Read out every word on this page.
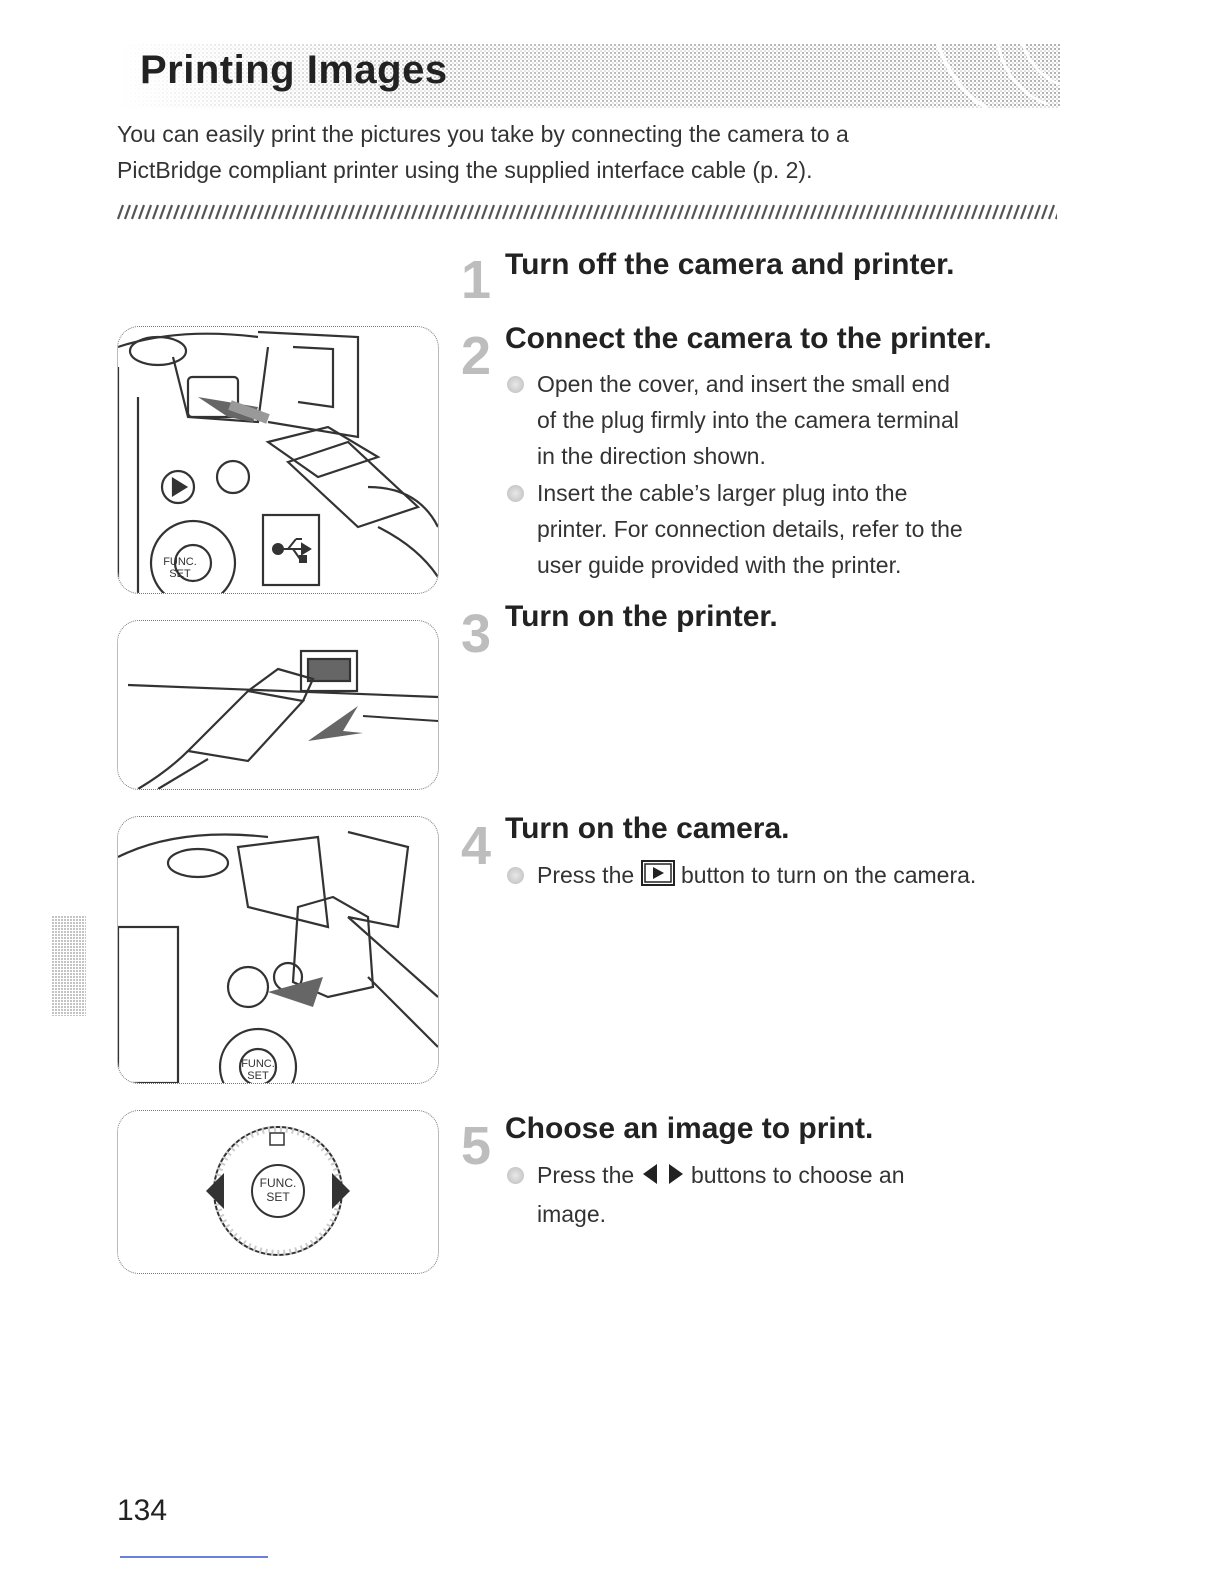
Printing Images
You can easily print the pictures you take by connecting the camera to a
PictBridge compliant printer using the supplied interface cable (p. 2).
1 Turn off the camera and printer.
2 Connect the camera to the printer.
Open the cover, and insert the small end
of the plug firmly into the camera terminal
in the direction shown.
Insert the cable’s larger plug into the
printer. For connection details, refer to the
user guide provided with the printer.
3 Turn on the printer.
4 Turn on the camera.
Press the button to turn on the camera.
5 Choose an image to print.
Press the buttons to choose an
image.
FUNC.
SET
FUNC.
SET
FUNC.
SET
134
